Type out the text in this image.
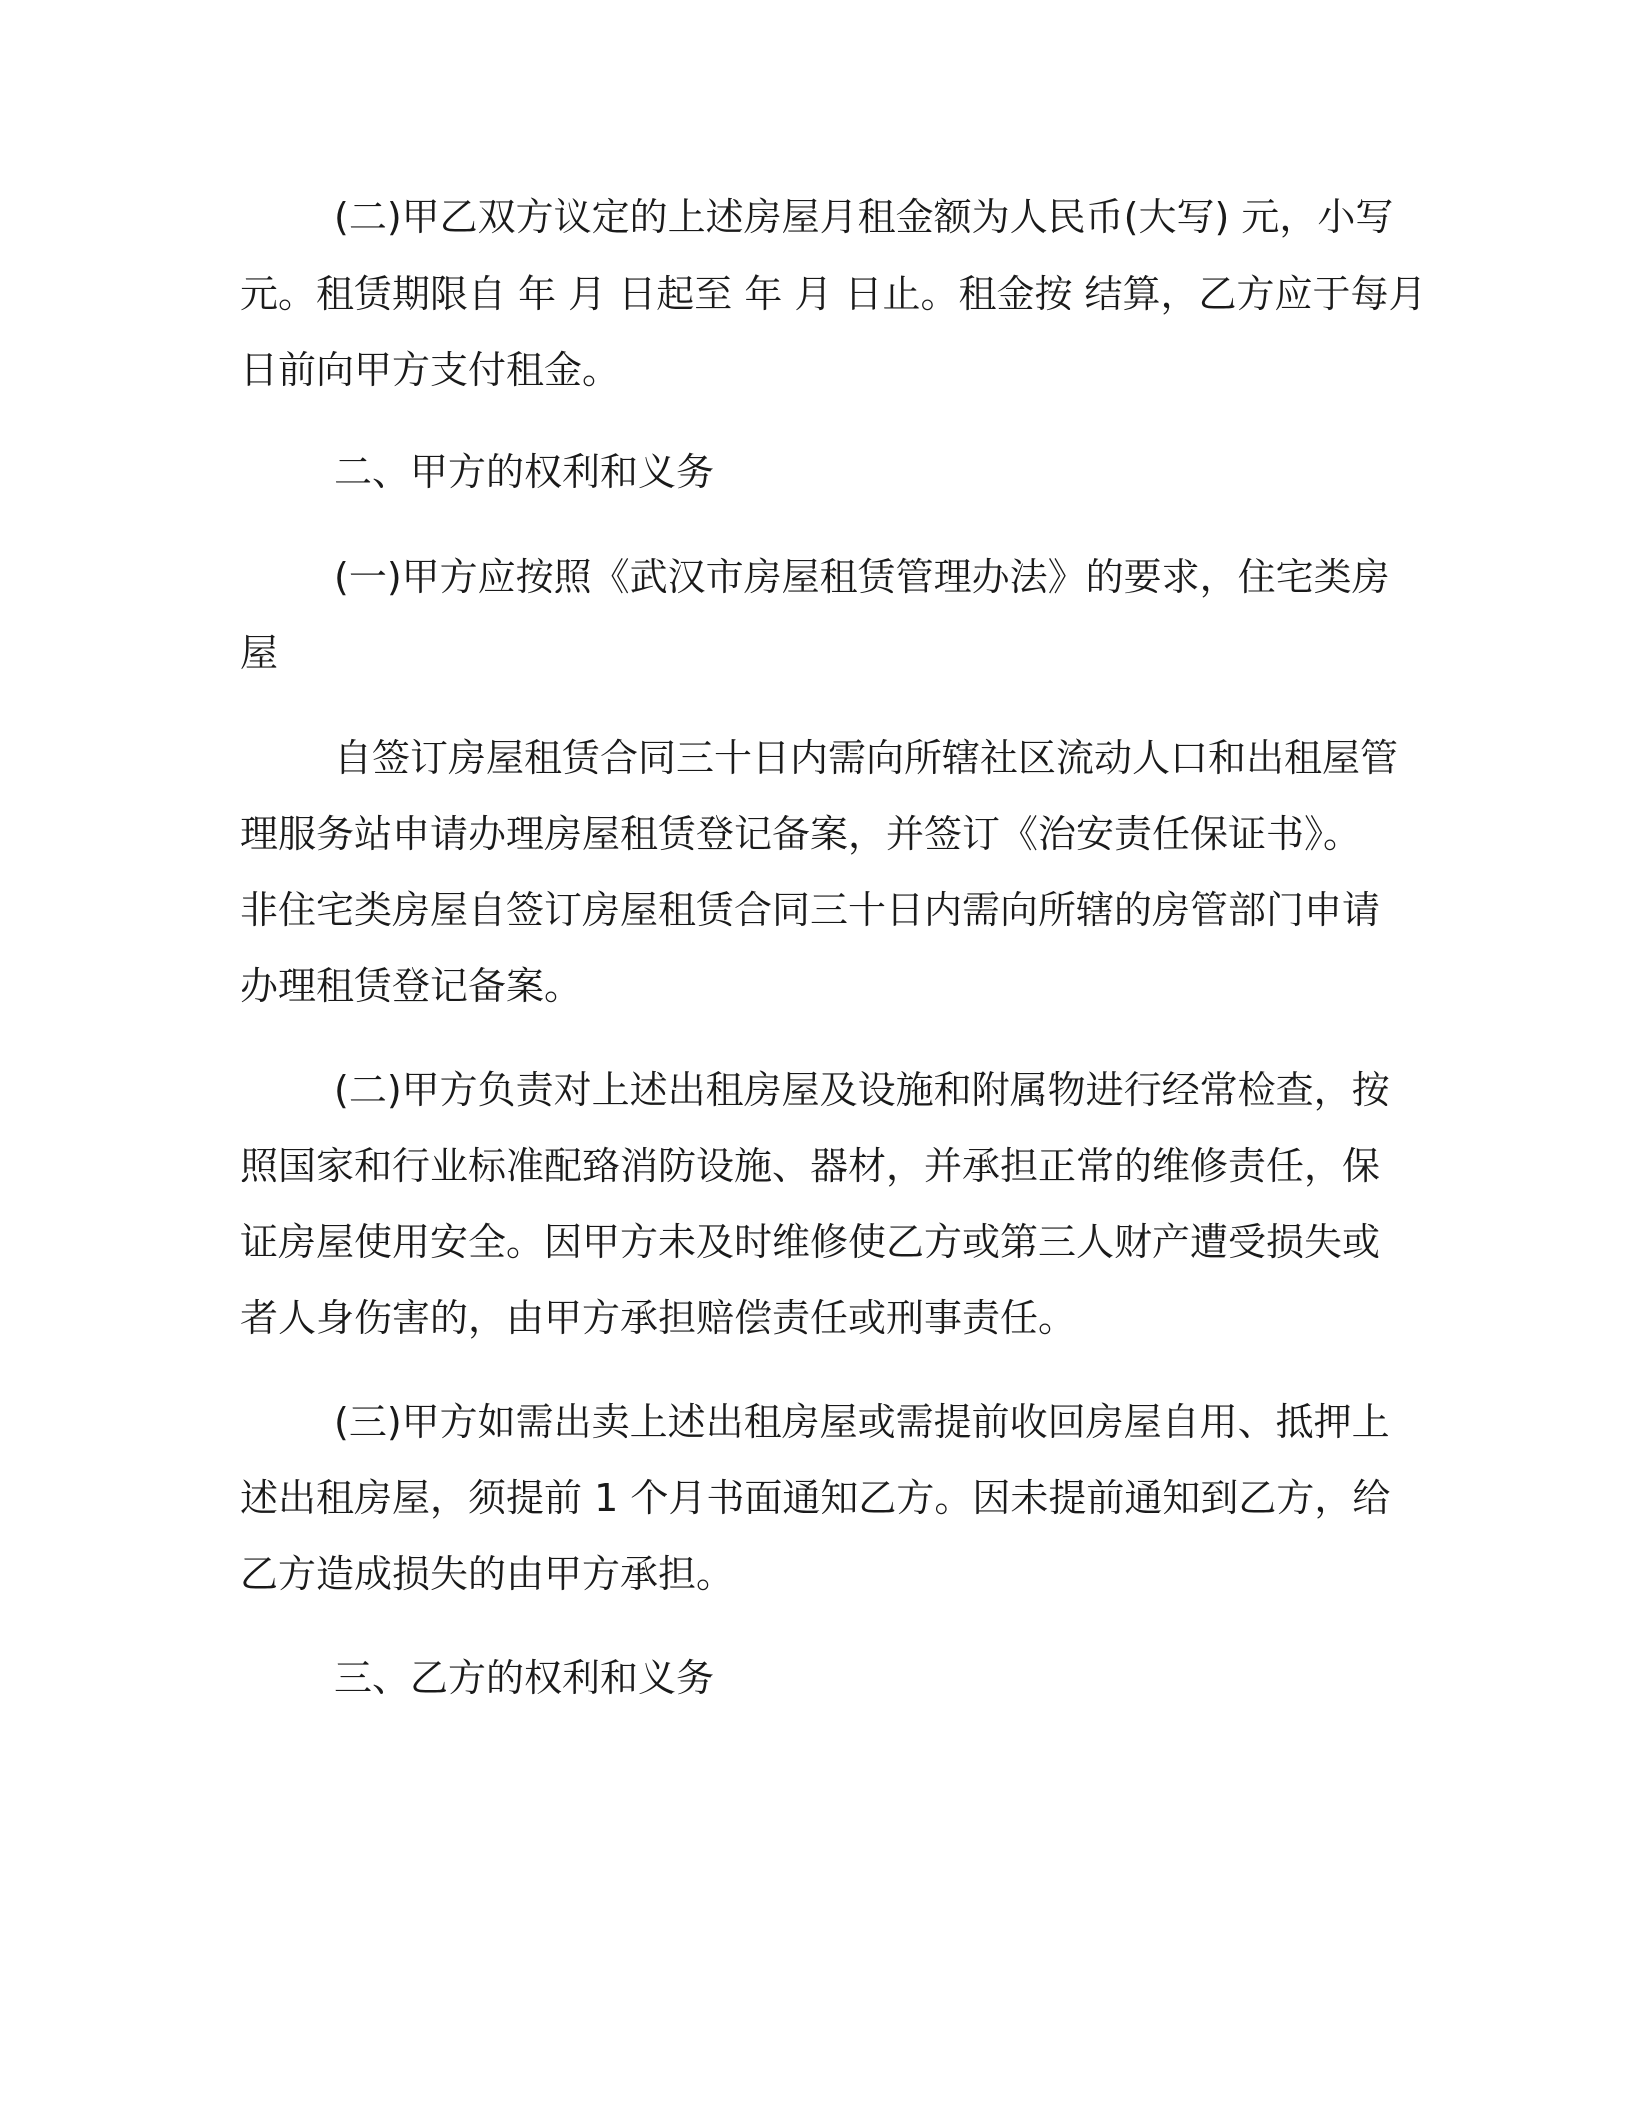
(二)甲乙双方议定的上述房屋月租金额为人民币(大写) 元，小写
元。租赁期限自 年 月 日起至 年 月 日止。租金按 结算，乙方应于每月
日前向甲方支付租金。
二、甲方的权利和义务
(一)甲方应按照《武汉市房屋租赁管理办法》的要求，住宅类房
屋
自签订房屋租赁合同三十日内需向所辖社区流动人口和出租屋管
理服务站申请办理房屋租赁登记备案，并签订《治安责任保证书》。
非住宅类房屋自签订房屋租赁合同三十日内需向所辖的房管部门申请
办理租赁登记备案。
(二)甲方负责对上述出租房屋及设施和附属物进行经常检查，按
照国家和行业标准配臵消防设施、器材，并承担正常的维修责任，保
证房屋使用安全。因甲方未及时维修使乙方或第三人财产遭受损失或
者人身伤害的，由甲方承担赔偿责任或刑事责任。
(三)甲方如需出卖上述出租房屋或需提前收回房屋自用、抵押上
述出租房屋，须提前 1 个月书面通知乙方。因未提前通知到乙方，给
乙方造成损失的由甲方承担。
三、乙方的权利和义务
